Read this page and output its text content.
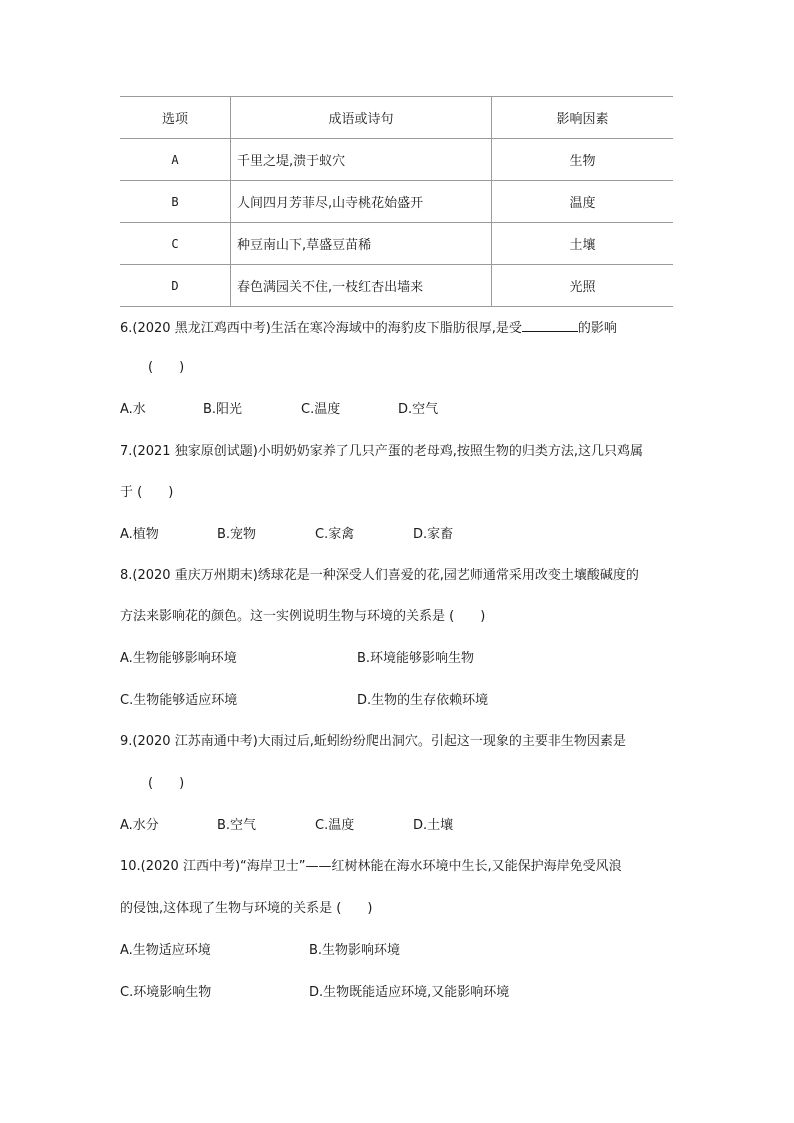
选项	成语或诗句	影响因素
A	千里之堤,溃于蚁穴	生物
B	人间四月芳菲尽,山寺桃花始盛开	温度
C	种豆南山下,草盛豆苗稀	土壤
D	春色满园关不住,一枝红杏出墙来	光照
6.(2020 黑龙江鸡西中考)生活在寒冷海域中的海豹皮下脂肪很厚,是受	的影响
(　　)
A.水	B.阳光	C.温度	D.空气
7.(2021 独家原创试题)小明奶奶家养了几只产蛋的老母鸡,按照生物的归类方法,这几只鸡属
于 (　　)
A.植物	B.宠物	C.家禽	D.家畜
8.(2020 重庆万州期末)绣球花是一种深受人们喜爱的花,园艺师通常采用改变土壤酸碱度的
方法来影响花的颜色。这一实例说明生物与环境的关系是 (　　)
A.生物能够影响环境	B.环境能够影响生物
C.生物能够适应环境	D.生物的生存依赖环境
9.(2020 江苏南通中考)大雨过后,蚯蚓纷纷爬出洞穴。引起这一现象的主要非生物因素是
(　　)
A.水分	B.空气	C.温度	D.土壤
10.(2020 江西中考)“海岸卫士”——红树林能在海水环境中生长,又能保护海岸免受风浪
的侵蚀,这体现了生物与环境的关系是 (　　)
A.生物适应环境	B.生物影响环境
C.环境影响生物	D.生物既能适应环境,又能影响环境
